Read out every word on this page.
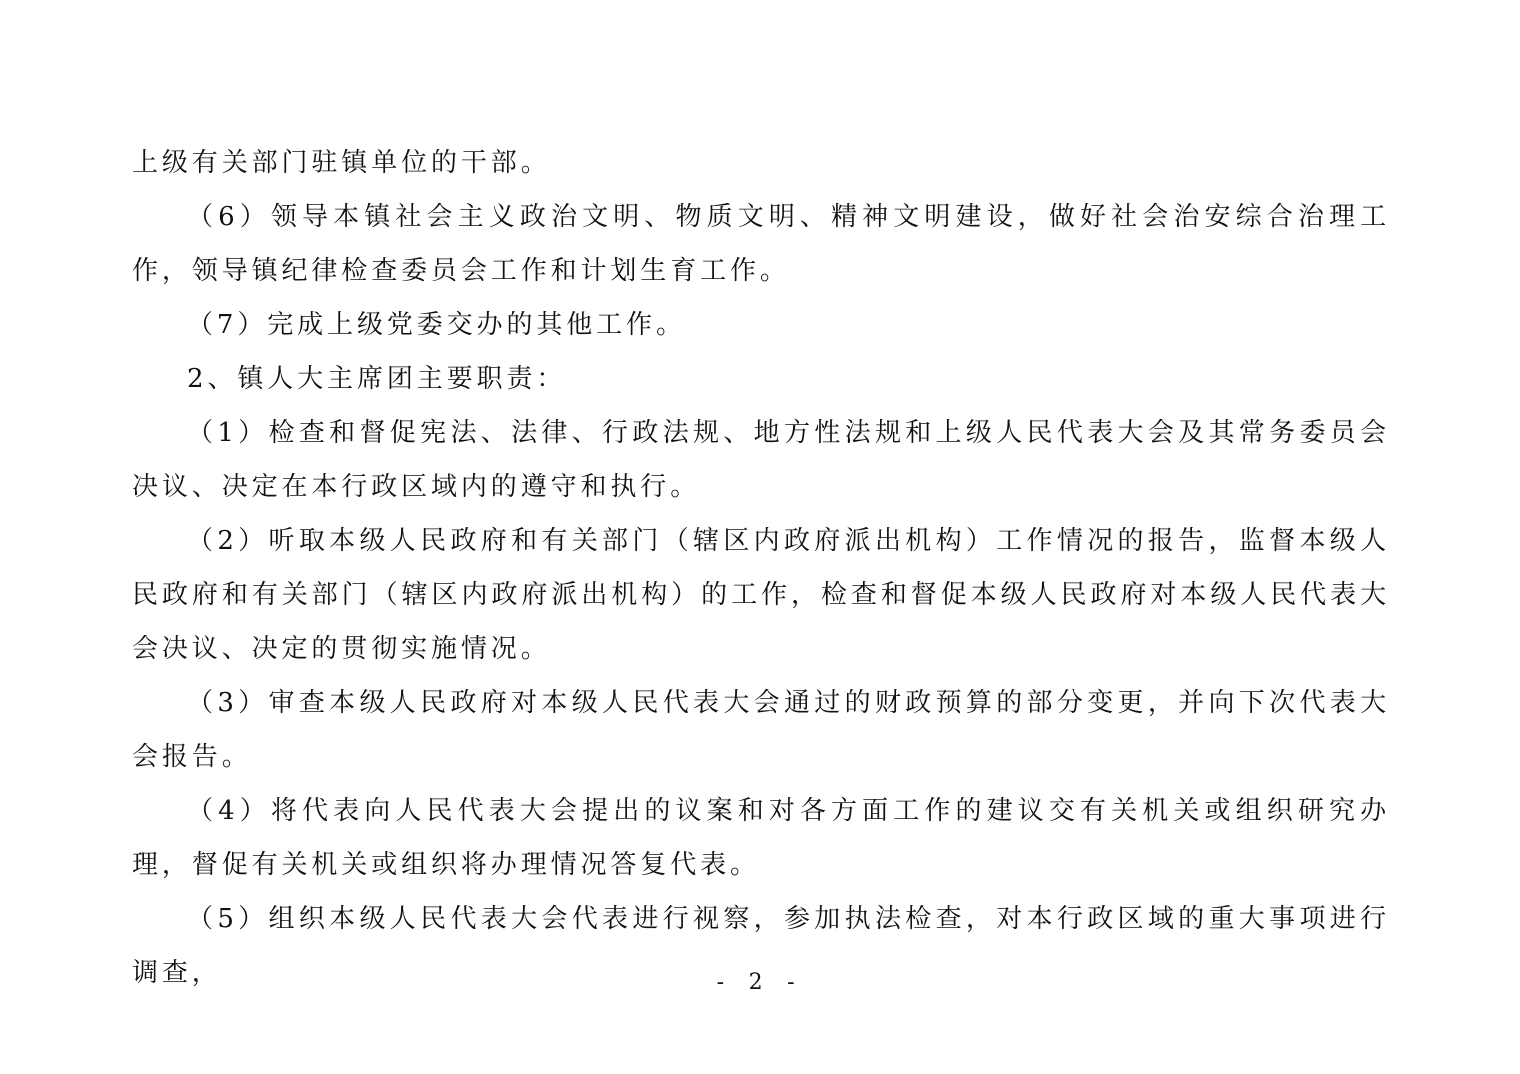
上级有关部门驻镇单位的干部。

（6）领导本镇社会主义政治文明、物质文明、精神文明建设，做好社会治安综合治理工作，领导镇纪律检查委员会工作和计划生育工作。

（7）完成上级党委交办的其他工作。

2、镇人大主席团主要职责：

（1）检查和督促宪法、法律、行政法规、地方性法规和上级人民代表大会及其常务委员会决议、决定在本行政区域内的遵守和执行。

（2）听取本级人民政府和有关部门（辖区内政府派出机构）工作情况的报告，监督本级人民政府和有关部门（辖区内政府派出机构）的工作，检查和督促本级人民政府对本级人民代表大会决议、决定的贯彻实施情况。

（3）审查本级人民政府对本级人民代表大会通过的财政预算的部分变更，并向下次代表大会报告。

（4）将代表向人民代表大会提出的议案和对各方面工作的建议交有关机关或组织研究办理，督促有关机关或组织将办理情况答复代表。

（5）组织本级人民代表大会代表进行视察，参加执法检查，对本行政区域的重大事项进行调查，	- 2 -
